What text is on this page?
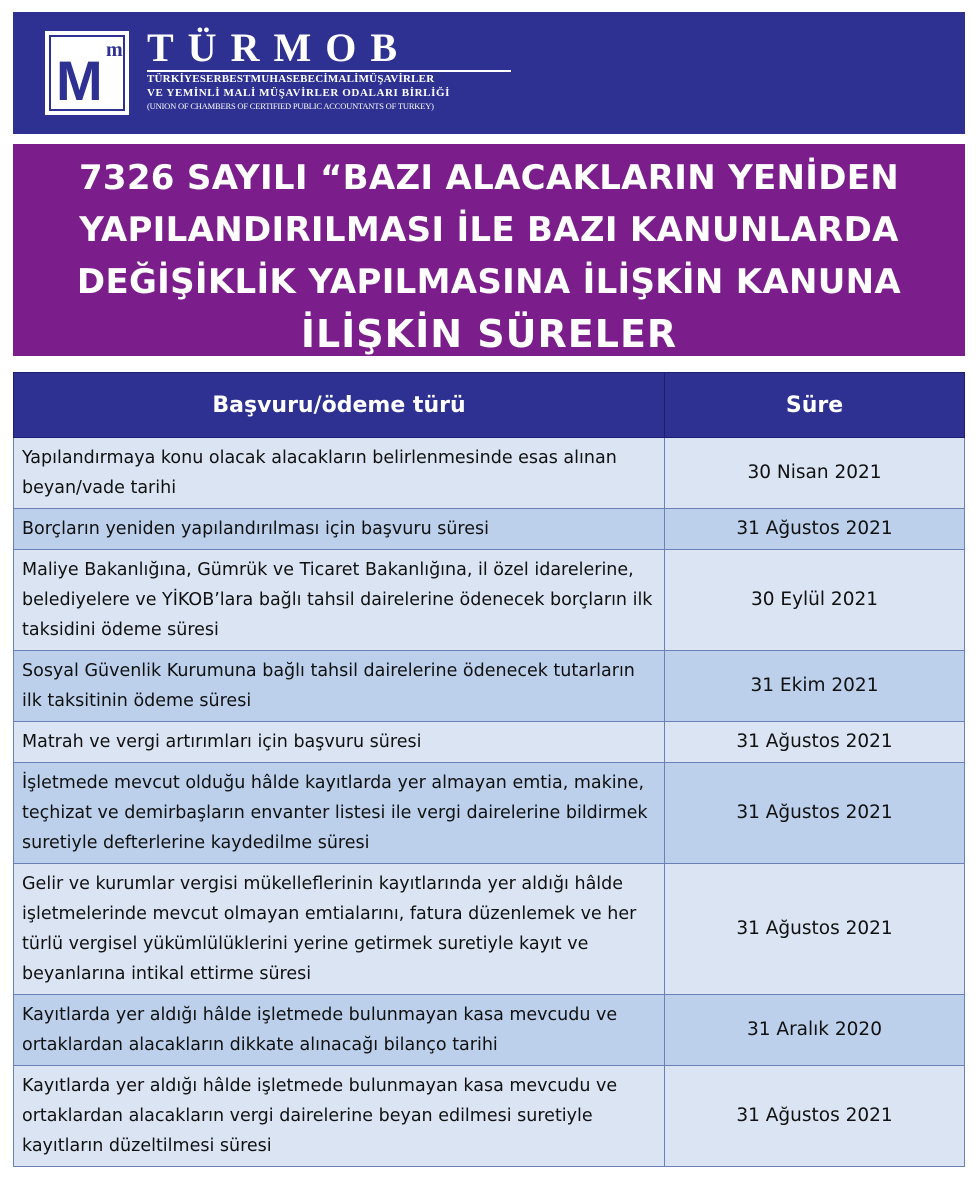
M m TÜRMOB
TÜRKİYESERBESTMUHASEBECİMALİMÜŞAVİRLER
VE YEMİNLİ MALİ MÜŞAVİRLER ODALARI BİRLİĞİ
(UNION OF CHAMBERS OF CERTIFIED PUBLIC ACCOUNTANTS OF TURKEY)
7326 SAYILI “BAZI ALACAKLARIN YENİDEN
YAPILANDIRILMASI İLE BAZI KANUNLARDA
DEĞİŞİKLİK YAPILMASINA İLİŞKİN KANUNA
İLİŞKİN SÜRELER
Başvuru/ödeme türü	Süre
Yapılandırmaya konu olacak alacakların belirlenmesinde esas alınan beyan/vade tarihi	30 Nisan 2021
Borçların yeniden yapılandırılması için başvuru süresi	31 Ağustos 2021
Maliye Bakanlığına, Gümrük ve Ticaret Bakanlığına, il özel idarelerine, belediyelere ve YİKOB’lara bağlı tahsil dairelerine ödenecek borçların ilk taksidini ödeme süresi	30 Eylül 2021
Sosyal Güvenlik Kurumuna bağlı tahsil dairelerine ödenecek tutarların ilk taksitinin ödeme süresi	31 Ekim 2021
Matrah ve vergi artırımları için başvuru süresi	31 Ağustos 2021
İşletmede mevcut olduğu hâlde kayıtlarda yer almayan emtia, makine, teçhizat ve demirbaşların envanter listesi ile vergi dairelerine bildirmek suretiyle defterlerine kaydedilme süresi	31 Ağustos 2021
Gelir ve kurumlar vergisi mükelleflerinin kayıtlarında yer aldığı hâlde işletmelerinde mevcut olmayan emtialarını, fatura düzenlemek ve her türlü vergisel yükümlülüklerini yerine getirmek suretiyle kayıt ve beyanlarına intikal ettirme süresi	31 Ağustos 2021
Kayıtlarda yer aldığı hâlde işletmede bulunmayan kasa mevcudu ve ortaklardan alacakların dikkate alınacağı bilanço tarihi	31 Aralık 2020
Kayıtlarda yer aldığı hâlde işletmede bulunmayan kasa mevcudu ve ortaklardan alacakların vergi dairelerine beyan edilmesi suretiyle kayıtların düzeltilmesi süresi	31 Ağustos 2021
